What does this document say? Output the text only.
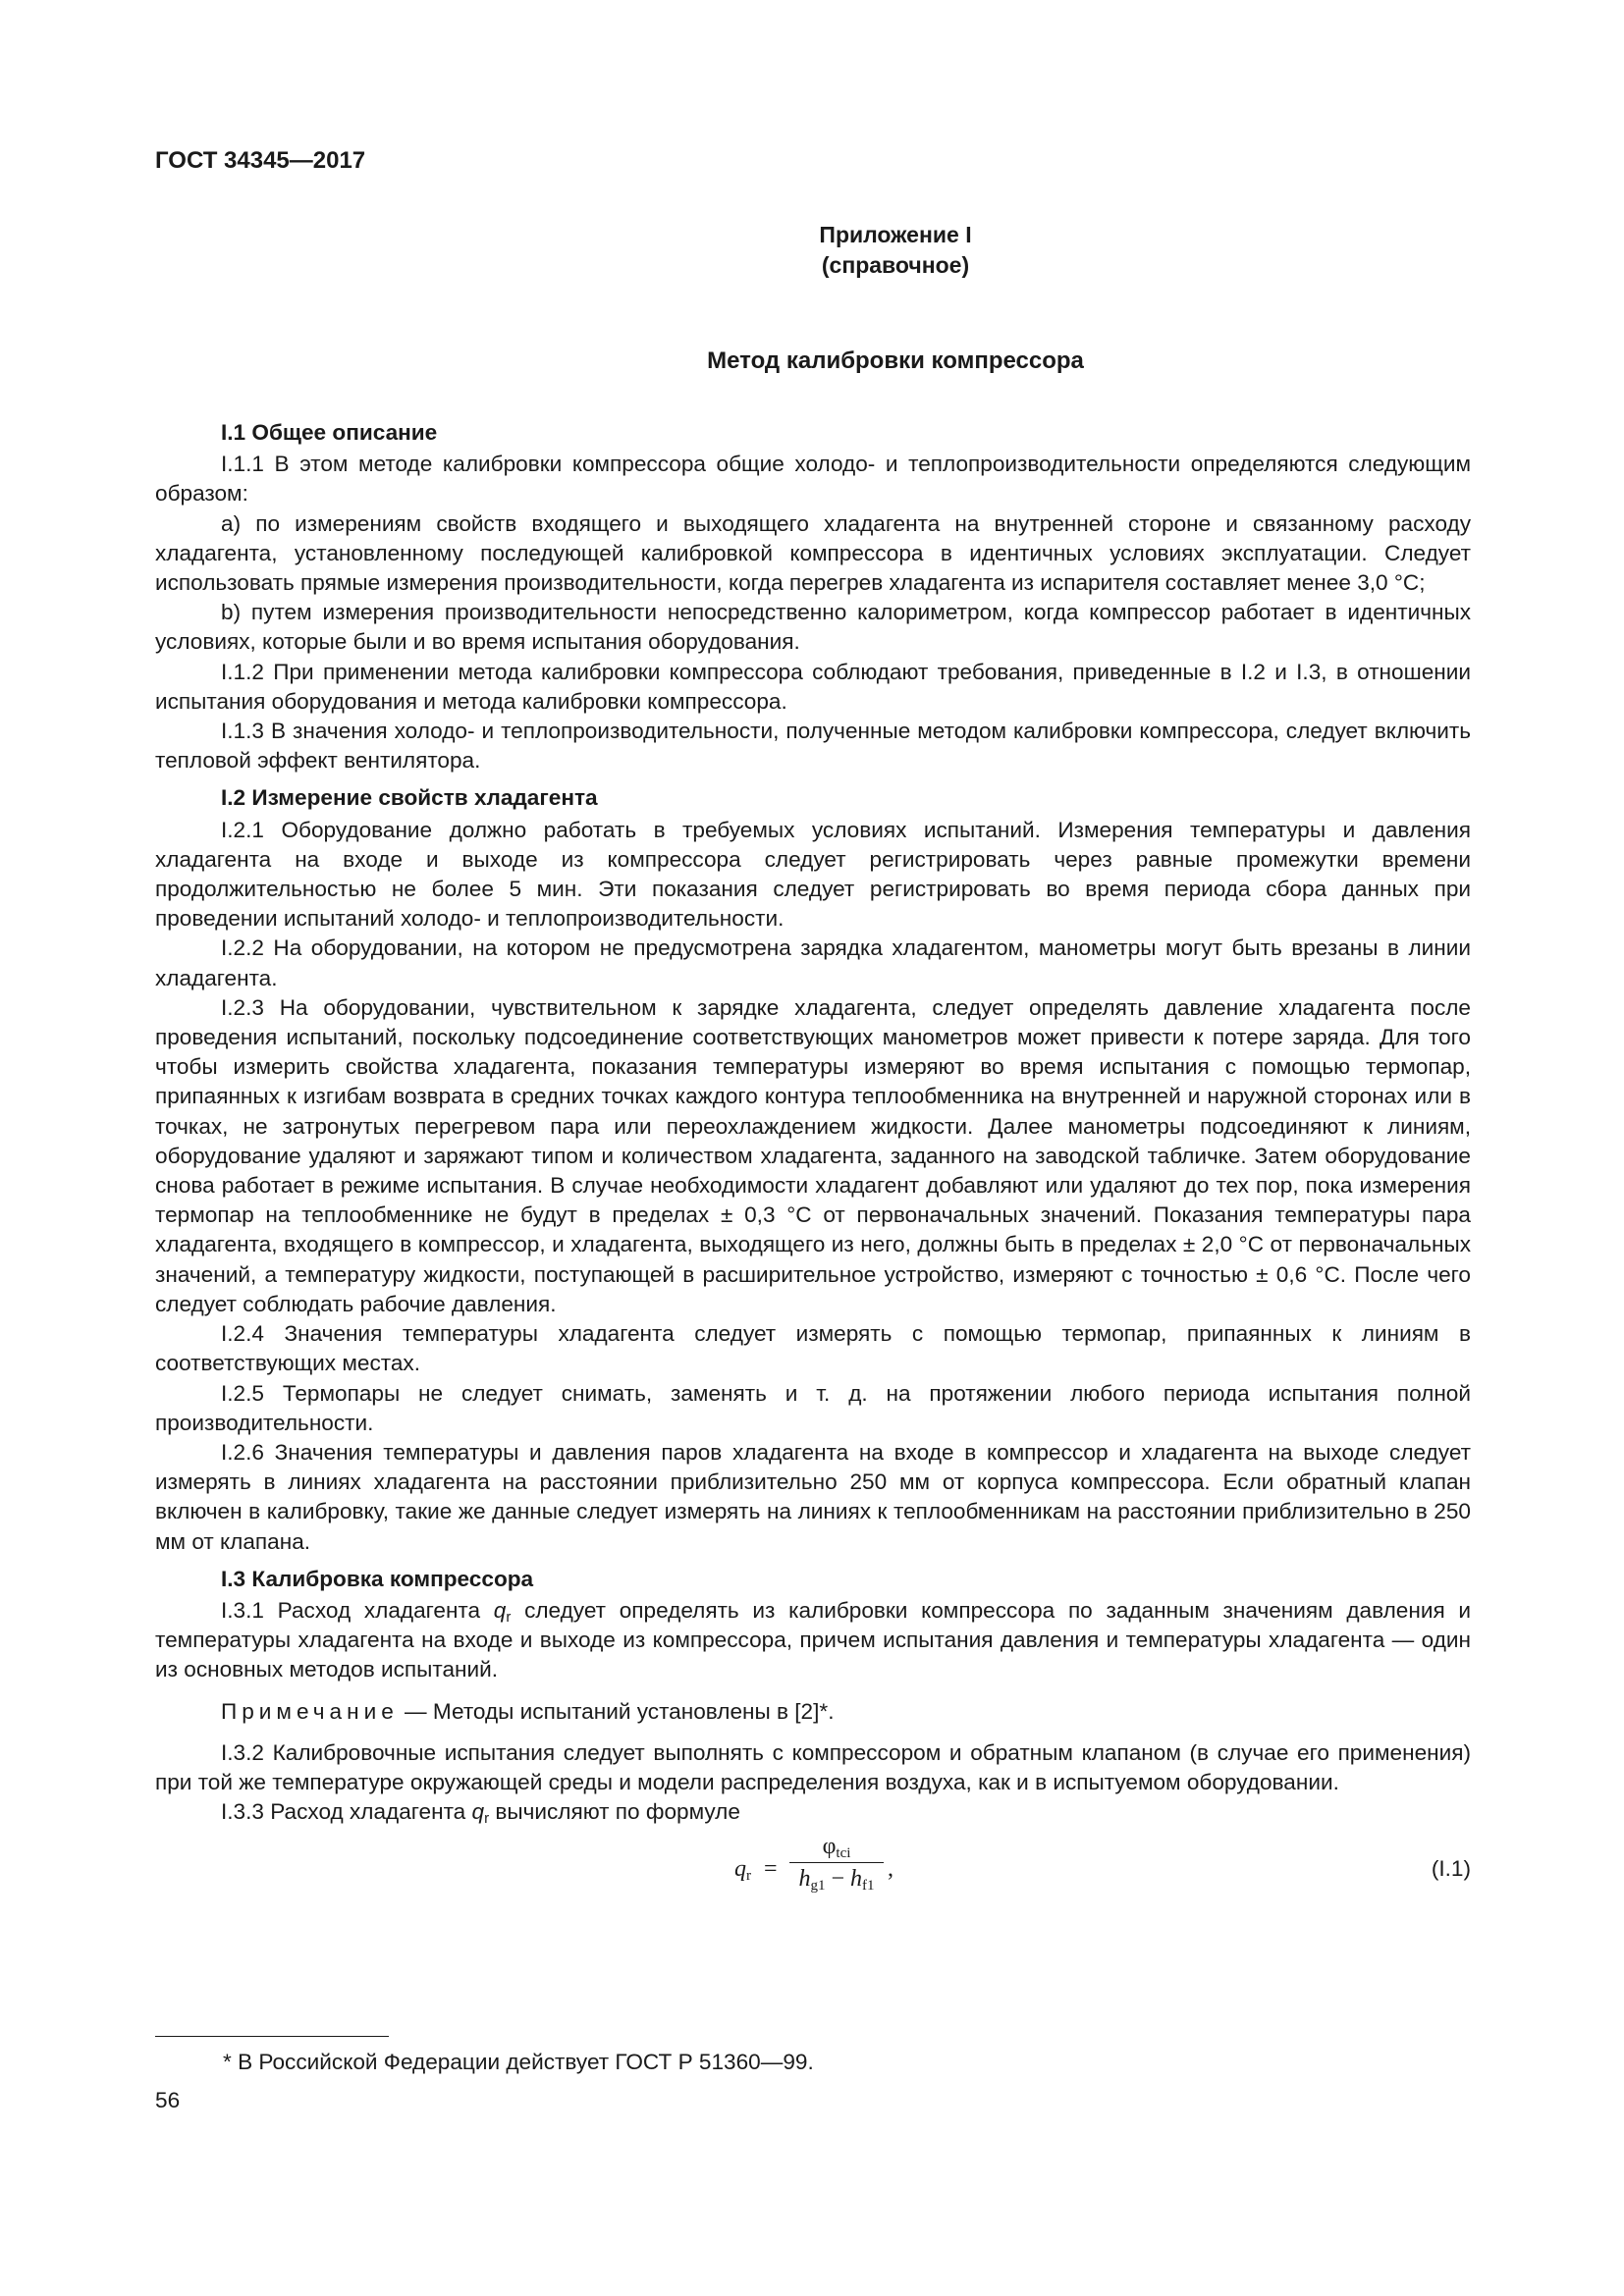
ГОСТ 34345—2017
Приложение I
(справочное)
Метод калибровки компрессора
I.1 Общее описание

I.1.1 В этом методе калибровки компрессора общие холодо- и теплопроизводительности определяются следующим образом:

а) по измерениям свойств входящего и выходящего хладагента на внутренней стороне и связанному расходу хладагента, установленному последующей калибровкой компрессора в идентичных условиях эксплуатации. Следует использовать прямые измерения производительности, когда перегрев хладагента из испарителя составляет менее 3,0 °C;

b) путем измерения производительности непосредственно калориметром, когда компрессор работает в идентичных условиях, которые были и во время испытания оборудования.

I.1.2 При применении метода калибровки компрессора соблюдают требования, приведенные в I.2 и I.3, в отношении испытания оборудования и метода калибровки компрессора.

I.1.3 В значения холодо- и теплопроизводительности, полученные методом калибровки компрессора, следует включить тепловой эффект вентилятора.

I.2 Измерение свойств хладагента

I.2.1 Оборудование должно работать в требуемых условиях испытаний. Измерения температуры и давления хладагента на входе и выходе из компрессора следует регистрировать через равные промежутки времени продолжительностью не более 5 мин. Эти показания следует регистрировать во время периода сбора данных при проведении испытаний холодо- и теплопроизводительности.

I.2.2 На оборудовании, на котором не предусмотрена зарядка хладагентом, манометры могут быть врезаны в линии хладагента.

I.2.3 На оборудовании, чувствительном к зарядке хладагента, следует определять давление хладагента после проведения испытаний, поскольку подсоединение соответствующих манометров может привести к потере заряда. Для того чтобы измерить свойства хладагента, показания температуры измеряют во время испытания с помощью термопар, припаянных к изгибам возврата в средних точках каждого контура теплообменника на внутренней и наружной сторонах или в точках, не затронутых перегревом пара или переохлаждением жидкости. Далее манометры подсоединяют к линиям, оборудование удаляют и заряжают типом и количеством хладагента, заданного на заводской табличке. Затем оборудование снова работает в режиме испытания. В случае необходимости хладагент добавляют или удаляют до тех пор, пока измерения термопар на теплообменнике не будут в пределах ± 0,3 °C от первоначальных значений. Показания температуры пара хладагента, входящего в компрессор, и хладагента, выходящего из него, должны быть в пределах ± 2,0 °C от первоначальных значений, а температуру жидкости, поступающей в расширительное устройство, измеряют с точностью ± 0,6 °C. После чего следует соблюдать рабочие давления.

I.2.4 Значения температуры хладагента следует измерять с помощью термопар, припаянных к линиям в соответствующих местах.

I.2.5 Термопары не следует снимать, заменять и т. д. на протяжении любого периода испытания полной производительности.

I.2.6 Значения температуры и давления паров хладагента на входе в компрессор и хладагента на выходе следует измерять в линиях хладагента на расстоянии приблизительно 250 мм от корпуса компрессора. Если обратный клапан включен в калибровку, такие же данные следует измерять на линиях к теплообменникам на расстоянии приблизительно в 250 мм от клапана.

I.3 Калибровка компрессора

I.3.1 Расход хладагента $q_r$ следует определять из калибровки компрессора по заданным значениям давления и температуры хладагента на входе и выходе из компрессора, причем испытания давления и температуры хладагента — один из основных методов испытаний.

Примечание — Методы испытаний установлены в [2]*.

I.3.2 Калибровочные испытания следует выполнять с компрессором и обратным клапаном (в случае его применения) при той же температуре окружающей среды и модели распределения воздуха, как и в испытуемом оборудовании.

I.3.3 Расход хладагента $q_r$ вычисляют по формуле

$q_r$ =
$\varphi_{tci}$
$h_{g1} - h_{f1}$
,	(I.1)
* В Российской Федерации действует ГОСТ Р 51360—99.
56
